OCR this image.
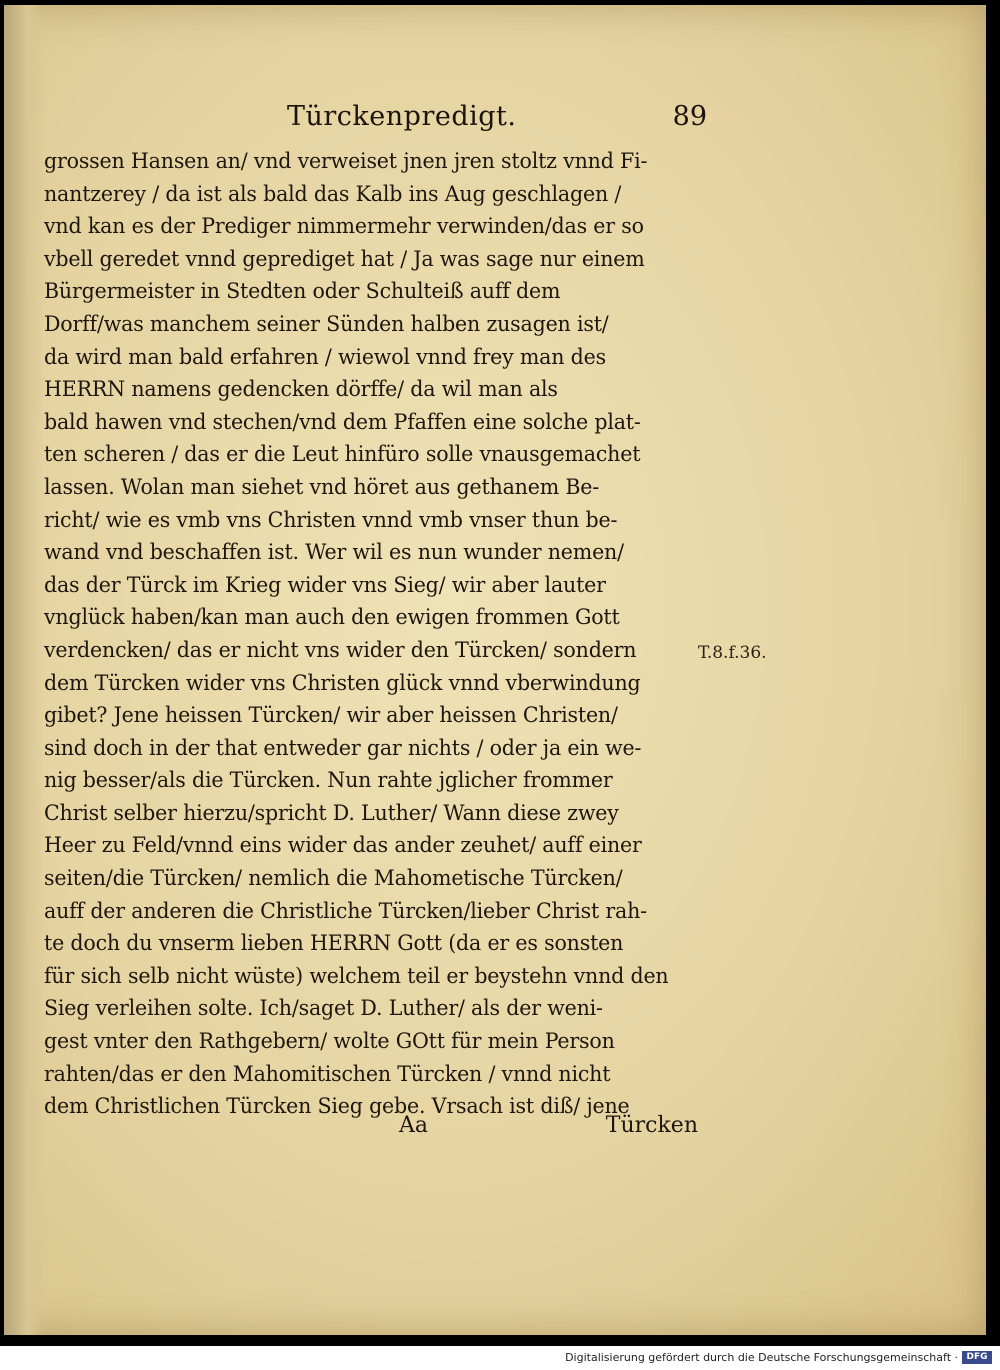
Türckenpredigt.	89
grossen Hansen an/ vnd verweiset jnen jren stoltz vnnd Fi-
nantzerey / da ist als bald das Kalb ins Aug geschlagen /
vnd kan es der Prediger nimmermehr verwinden/das er so
vbell geredet vnnd geprediget hat / Ja was sage nur einem
Bürgermeister in Stedten oder Schulteiß auff dem
Dorff/was manchem seiner Sünden halben zusagen ist/
da wird man bald erfahren / wiewol vnnd frey man des
HERRN namens gedencken dörffe/ da wil man als
bald hawen vnd stechen/vnd dem Pfaffen eine solche plat-
ten scheren / das er die Leut hinfüro solle vnausgemachet
lassen. Wolan man siehet vnd höret aus gethanem Be-
richt/ wie es vmb vns Christen vnnd vmb vnser thun be-
wand vnd beschaffen ist. Wer wil es nun wunder nemen/
das der Türck im Krieg wider vns Sieg/ wir aber lauter
vnglück haben/kan man auch den ewigen frommen Gott
verdencken/ das er nicht vns wider den Türcken/ sondern
dem Türcken wider vns Christen glück vnnd vberwindung
gibet? Jene heissen Türcken/ wir aber heissen Christen/
sind doch in der that entweder gar nichts / oder ja ein we-
nig besser/als die Türcken. Nun rahte jglicher frommer
Christ selber hierzu/spricht D. Luther/ Wann diese zwey
Heer zu Feld/vnnd eins wider das ander zeuhet/ auff einer
seiten/die Türcken/ nemlich die Mahometische Türcken/
auff der anderen die Christliche Türcken/lieber Christ rah-
te doch du vnserm lieben HERRN Gott (da er es sonsten
für sich selb nicht wüste) welchem teil er beystehn vnnd den
Sieg verleihen solte. Ich/saget D. Luther/ als der weni-
gest vnter den Rathgebern/ wolte GOtt für mein Person
rahten/das er den Mahomitischen Türcken / vnnd nicht
dem Christlichen Türcken Sieg gebe. Vrsach ist diß/ jene
T.8.f.36.
Aa	Türcken
Digitalisierung gefördert durch die Deutsche Forschungsgemeinschaft · DFG
